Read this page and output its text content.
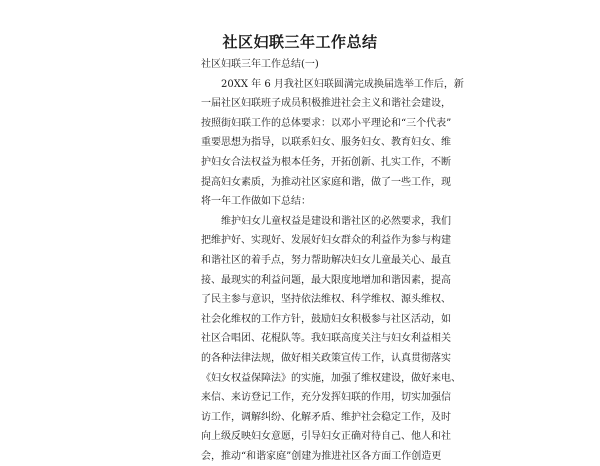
社区妇联三年工作总结
社区妇联三年工作总结(一)
20XX 年 6 月我社区妇联圆满完成换届选举工作后，新
一届社区妇联班子成员积极推进社会主义和谐社会建设，
按照街妇联工作的总体要求：以邓小平理论和“三个代表”
重要思想为指导，以联系妇女、服务妇女、教育妇女、维
护妇女合法权益为根本任务，开拓创新、扎实工作，不断
提高妇女素质，为推动社区家庭和谐，做了一些工作，现
将一年工作做如下总结：
维护妇女儿童权益是建设和谐社区的必然要求，我们
把维护好、实现好、发展好妇女群众的利益作为参与构建
和谐社区的着手点，努力帮助解决妇女儿童最关心、最直
接、最现实的利益问题，最大限度地增加和谐因素，提高
了民主参与意识，坚持依法维权、科学维权、源头维权、
社会化维权的工作方针，鼓励妇女积极参与社区活动，如
社区合唱团、花棍队等。我妇联高度关注与妇女利益相关
的各种法律法规，做好相关政策宣传工作，认真贯彻落实
《妇女权益保障法》的实施，加强了维权建设，做好来电、
来信、来访登记工作，充分发挥妇联的作用，切实加强信
访工作，调解纠纷、化解矛盾、维护社会稳定工作，及时
向上级反映妇女意愿，引导妇女正确对待自己、他人和社
会，推动“和谐家庭”创建为推进社区各方面工作创造更
